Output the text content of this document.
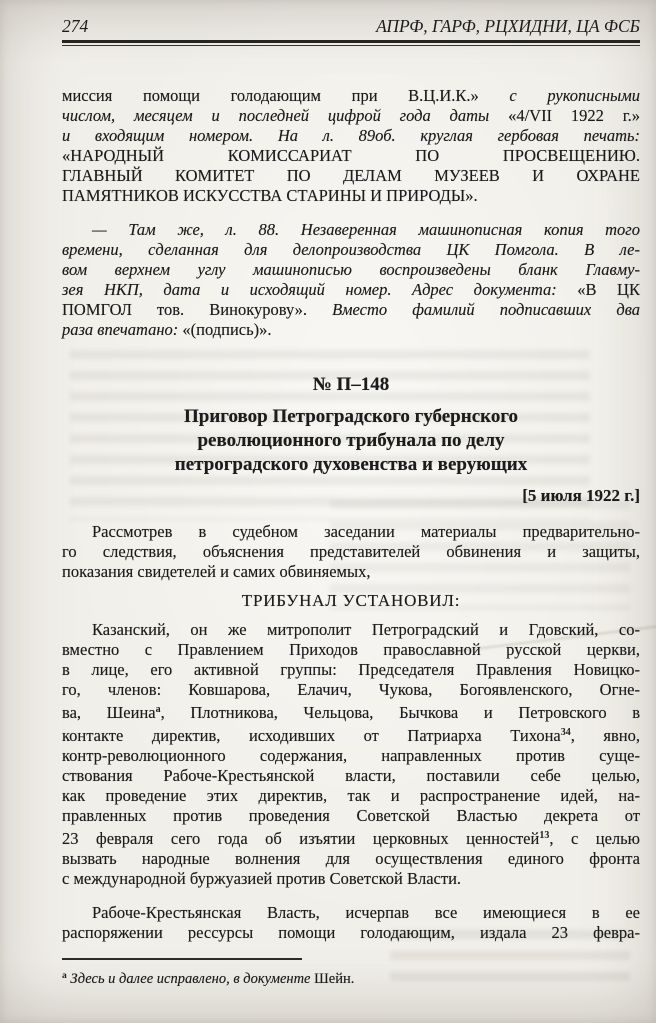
274	АПРФ, ГАРФ, РЦХИДНИ, ЦА ФСБ
миссия помощи голодающим при В.Ц.И.К.» с рукописными
числом, месяцем и последней цифрой года даты «4/VII 1922 г.»
и входящим номером. На л. 89об. круглая гербовая печать:
«НАРОДНЫЙ КОМИССАРИАТ ПО ПРОСВЕЩЕНИЮ.
ГЛАВНЫЙ КОМИТЕТ ПО ДЕЛАМ МУЗЕЕВ И ОХРАНЕ
ПАМЯТНИКОВ ИСКУССТВА СТАРИНЫ И ПРИРОДЫ».
— Там же, л. 88. Незаверенная машинописная копия того
времени, сделанная для делопроизводства ЦК Помгола. В ле-
вом верхнем углу машинописью воспроизведены бланк Главму-
зея НКП, дата и исходящий номер. Адрес документа: «В ЦК
ПОМГОЛ тов. Винокурову». Вместо фамилий подписавших два
раза впечатано: «(подпись)».
№ П–148
Приговор Петроградского губернского
революционного трибунала по делу
петроградского духовенства и верующих
[5 июля 1922 г.]
Рассмотрев в судебном заседании материалы предварительно-
го следствия, объяснения представителей обвинения и защиты,
показания свидетелей и самих обвиняемых,
ТРИБУНАЛ УСТАНОВИЛ:
Казанский, он же митрополит Петроградский и Гдовский, со-
вместно с Правлением Приходов православной русской церкви,
в лице, его активной группы: Председателя Правления Новицко-
го, членов: Ковшарова, Елачич, Чукова, Богоявленского, Огне-
ва, Шеина$^а$, Плотникова, Чельцова, Бычкова и Петровского в
контакте директив, исходивших от Патриарха Тихона$^{34}$, явно,
контр-революционного содержания, направленных против суще-
ствования Рабоче-Крестьянской власти, поставили себе целью,
как проведение этих директив, так и распространение идей, на-
правленных против проведения Советской Властью декрета от
23 февраля сего года об изъятии церковных ценностей$^{13}$, с целью
вызвать народные волнения для осуществления единого фронта
с международной буржуазией против Советской Власти.
Рабоче-Крестьянская Власть, исчерпав все имеющиеся в ее
распоряжении рессурсы помощи голодающим, издала 23 февра-
$^а$ Здесь и далее исправлено, в документе Шейн.
